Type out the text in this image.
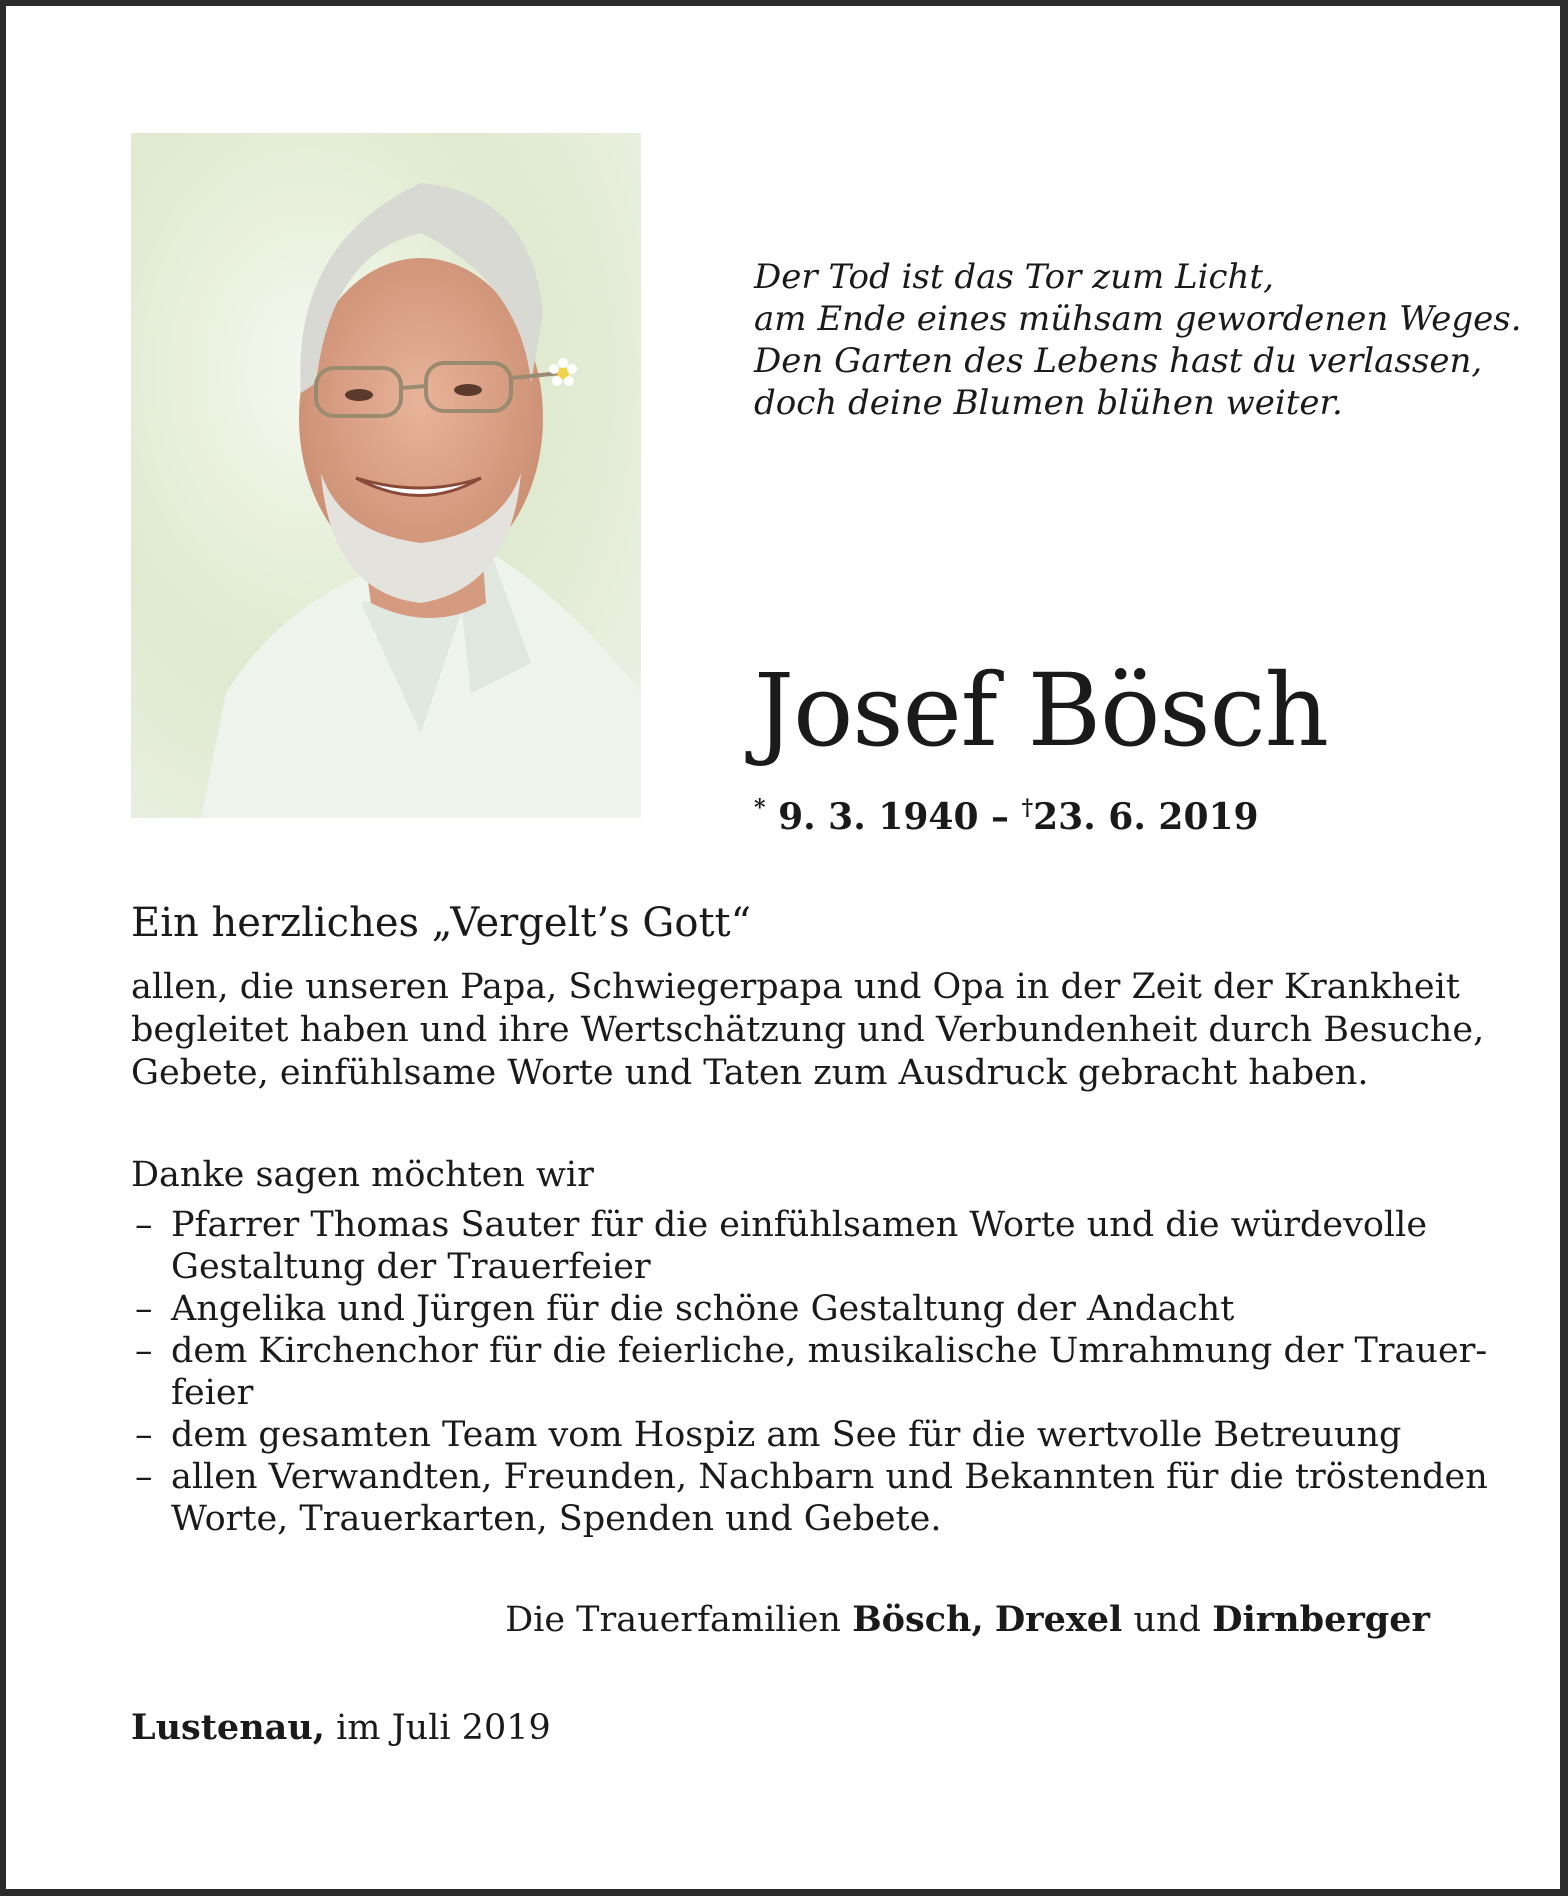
Der Tod ist das Tor zum Licht,
am Ende eines mühsam gewordenen Weges.
Den Garten des Lebens hast du verlassen,
doch deine Blumen blühen weiter.
Josef Bösch
* 9. 3. 1940 – †23. 6. 2019
Ein herzliches „Vergelt’s Gott“
allen, die unseren Papa, Schwiegerpapa und Opa in der Zeit der Krankheit
begleitet haben und ihre Wertschätzung und Verbundenheit durch Besuche,
Gebete, einfühlsame Worte und Taten zum Ausdruck gebracht haben.
Danke sagen möchten wir
– Pfarrer Thomas Sauter für die einfühlsamen Worte und die würdevolle
Gestaltung der Trauerfeier
– Angelika und Jürgen für die schöne Gestaltung der Andacht
– dem Kirchenchor für die feierliche, musikalische Umrahmung der Trauer-
feier
– dem gesamten Team vom Hospiz am See für die wertvolle Betreuung
– allen Verwandten, Freunden, Nachbarn und Bekannten für die tröstenden
Worte, Trauerkarten, Spenden und Gebete.
Die Trauerfamilien Bösch, Drexel und Dirnberger
Lustenau, im Juli 2019
